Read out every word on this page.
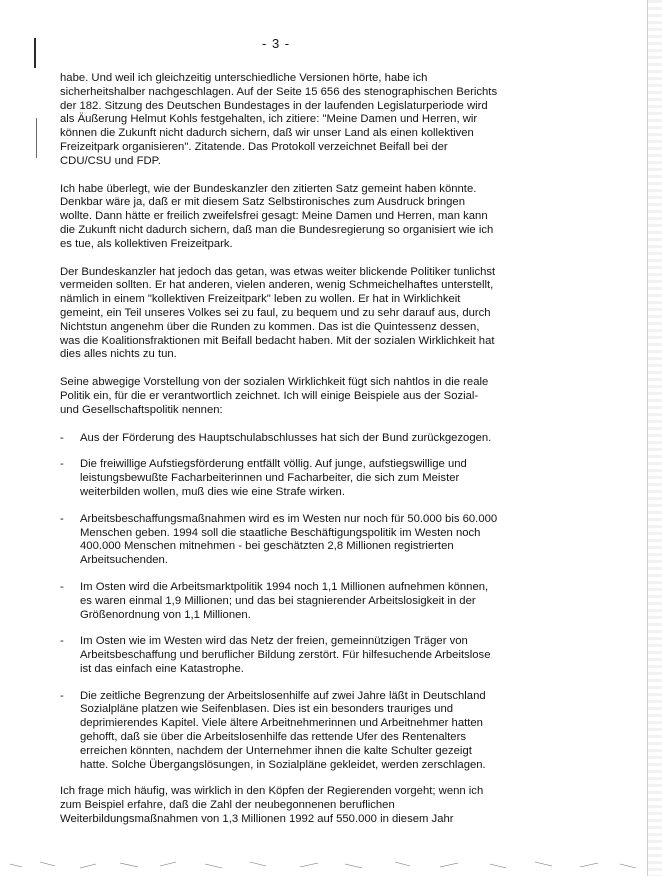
- 3 -

habe. Und weil ich gleichzeitig unterschiedliche Versionen hörte, habe ich sicherheitshalber nachgeschlagen. Auf der Seite 15 656 des stenographischen Berichts der 182. Sitzung des Deutschen Bundestages in der laufenden Legislaturperiode wird als Äußerung Helmut Kohls festgehalten, ich zitiere: "Meine Damen und Herren, wir können die Zukunft nicht dadurch sichern, daß wir unser Land als einen kollektiven Freizeitpark organisieren". Zitatende. Das Protokoll verzeichnet Beifall bei der CDU/CSU und FDP.

Ich habe überlegt, wie der Bundeskanzler den zitierten Satz gemeint haben könnte. Denkbar wäre ja, daß er mit diesem Satz Selbstironisches zum Ausdruck bringen wollte. Dann hätte er freilich zweifelsfrei gesagt: Meine Damen und Herren, man kann die Zukunft nicht dadurch sichern, daß man die Bundesregierung so organisiert wie ich es tue, als kollektiven Freizeitpark.

Der Bundeskanzler hat jedoch das getan, was etwas weiter blickende Politiker tunlichst vermeiden sollten. Er hat anderen, vielen anderen, wenig Schmeichelhaftes unterstellt, nämlich in einem "kollektiven Freizeitpark" leben zu wollen. Er hat in Wirklichkeit gemeint, ein Teil unseres Volkes sei zu faul, zu bequem und zu sehr darauf aus, durch Nichtstun angenehm über die Runden zu kommen. Das ist die Quintessenz dessen, was die Koalitionsfraktionen mit Beifall bedacht haben. Mit der sozialen Wirklichkeit hat dies alles nichts zu tun.

Seine abwegige Vorstellung von der sozialen Wirklichkeit fügt sich nahtlos in die reale Politik ein, für die er verantwortlich zeichnet. Ich will einige Beispiele aus der Sozial- und Gesellschaftspolitik nennen:

- Aus der Förderung des Hauptschulabschlusses hat sich der Bund zurückgezogen.
- Die freiwillige Aufstiegsförderung entfällt völlig. Auf junge, aufstiegswillige und leistungsbewußte Facharbeiterinnen und Facharbeiter, die sich zum Meister weiterbilden wollen, muß dies wie eine Strafe wirken.
- Arbeitsbeschaffungsmaßnahmen wird es im Westen nur noch für 50.000 bis 60.000 Menschen geben. 1994 soll die staatliche Beschäftigungspolitik im Westen noch 400.000 Menschen mitnehmen - bei geschätzten 2,8 Millionen registrierten Arbeitsuchenden.
- Im Osten wird die Arbeitsmarktpolitik 1994 noch 1,1 Millionen aufnehmen können, es waren einmal 1,9 Millionen; und das bei stagnierender Arbeitslosigkeit in der Größenordnung von 1,1 Millionen.
- Im Osten wie im Westen wird das Netz der freien, gemeinnützigen Träger von Arbeitsbeschaffung und beruflicher Bildung zerstört. Für hilfesuchende Arbeitslose ist das einfach eine Katastrophe.
- Die zeitliche Begrenzung der Arbeitslosenhilfe auf zwei Jahre läßt in Deutschland Sozialpläne platzen wie Seifenblasen. Dies ist ein besonders trauriges und deprimierendes Kapitel. Viele ältere Arbeitnehmerinnen und Arbeitnehmer hatten gehofft, daß sie über die Arbeitslosenhilfe das rettende Ufer des Rentenalters erreichen könnten, nachdem der Unternehmer ihnen die kalte Schulter gezeigt hatte. Solche Übergangslösungen, in Sozialpläne gekleidet, werden zerschlagen.

Ich frage mich häufig, was wirklich in den Köpfen der Regierenden vorgeht; wenn ich zum Beispiel erfahre, daß die Zahl der neubegonnenen beruflichen Weiterbildungsmaßnahmen von 1,3 Millionen 1992 auf 550.000 in diesem Jahr
